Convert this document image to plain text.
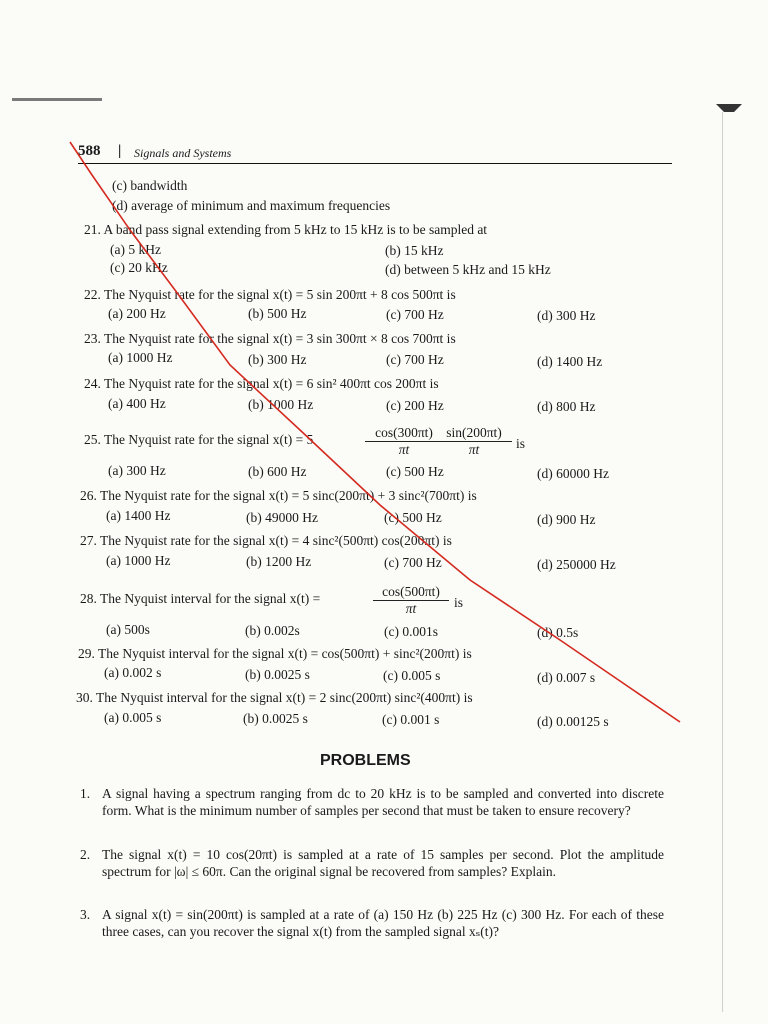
588 | Signals and Systems
(c) bandwidth
(d) average of minimum and maximum frequencies
21. A band pass signal extending from 5 kHz to 15 kHz is to be sampled at
(a) 5 kHz	(b) 15 kHz
(c) 20 kHz	(d) between 5 kHz and 15 kHz
22. The Nyquist rate for the signal x(t) = 5 sin 200πt + 8 cos 500πt is
(a) 200 Hz	(b) 500 Hz	(c) 700 Hz	(d) 300 Hz
23. The Nyquist rate for the signal x(t) = 3 sin 300πt × 8 cos 700πt is
(a) 1000 Hz	(b) 300 Hz	(c) 700 Hz	(d) 1400 Hz
24. The Nyquist rate for the signal x(t) = 6 sin² 400πt cos 200πt is
(a) 400 Hz	(b) 1000 Hz	(c) 200 Hz	(d) 800 Hz
25. The Nyquist rate for the signal x(t) = 5	$\frac{\cos(300\pi t)}{\pi t}$
$\frac{\sin(200\pi t)}{\pi t}$ is
(a) 300 Hz	(b) 600 Hz	(c) 500 Hz	(d) 60000 Hz
26. The Nyquist rate for the signal x(t) = 5 sinc(200πt) + 3 sinc²(700πt) is
(a) 1400 Hz	(b) 49000 Hz	(c) 500 Hz	(d) 900 Hz
27. The Nyquist rate for the signal x(t) = 4 sinc²(500πt) cos(200πt) is
(a) 1000 Hz	(b) 1200 Hz	(c) 700 Hz	(d) 250000 Hz
28. The Nyquist interval for the signal x(t) =	$\frac{\cos(500\pi t)}{\pi t}$ is
(a) 500s	(b) 0.002s	(c) 0.001s	(d) 0.5s
29. The Nyquist interval for the signal x(t) = cos(500πt) + sinc²(200πt) is
(a) 0.002 s	(b) 0.0025 s	(c) 0.005 s	(d) 0.007 s
30. The Nyquist interval for the signal x(t) = 2 sinc(200πt) sinc²(400πt) is
(a) 0.005 s	(b) 0.0025 s	(c) 0.001 s	(d) 0.00125 s
PROBLEMS
1. A signal having a spectrum ranging from dc to 20 kHz is to be sampled and converted into discrete form. What is the minimum number of samples per second that must be taken to ensure recovery?
2. The signal x(t) = 10 cos(20πt) is sampled at a rate of 15 samples per second. Plot the amplitude spectrum for |ω| ≤ 60π. Can the original signal be recovered from samples? Explain.
3. A signal x(t) = sin(200πt) is sampled at a rate of (a) 150 Hz (b) 225 Hz (c) 300 Hz. For each of these three cases, can you recover the signal x(t) from the sampled signal xₛ(t)?
